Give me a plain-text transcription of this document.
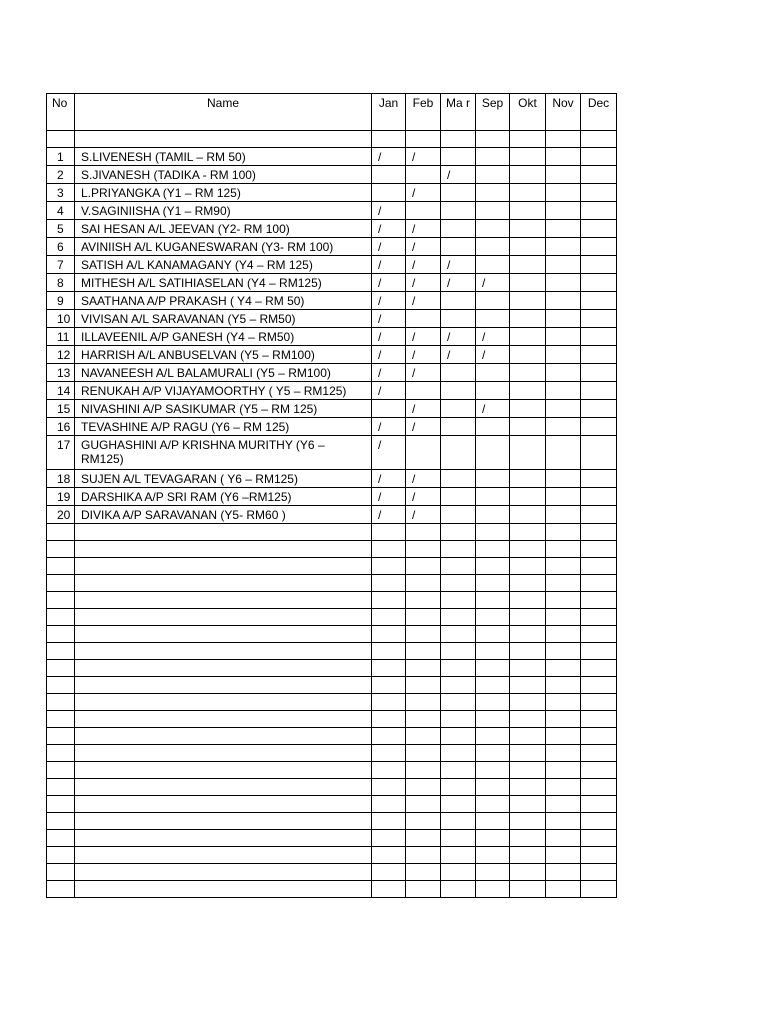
No	Name	Jan	Feb	Ma r	Sep	Okt	Nov	Dec

1	S.LIVENESH (TAMIL – RM 50)	/	/					
2	S.JIVANESH (TADIKA - RM 100)			/				
3	L.PRIYANGKA (Y1 – RM 125)		/					
4	V.SAGINIISHA (Y1 – RM90)	/						
5	SAI HESAN A/L JEEVAN (Y2- RM 100)	/	/					
6	AVINIISH A/L KUGANESWARAN (Y3- RM 100)	/	/					
7	SATISH A/L KANAMAGANY (Y4 – RM 125)	/	/	/				
8	MITHESH A/L SATIHIASELAN (Y4 – RM125)	/	/	/	/			
9	SAATHANA A/P PRAKASH ( Y4 – RM 50)	/	/					
10	VIVISAN A/L SARAVANAN (Y5 – RM50)	/						
11	ILLAVEENIL A/P GANESH (Y4 – RM50)	/	/	/	/			
12	HARRISH A/L ANBUSELVAN (Y5 – RM100)	/	/	/	/			
13	NAVANEESH A/L BALAMURALI (Y5 – RM100)	/	/					
14	RENUKAH A/P VIJAYAMOORTHY ( Y5 – RM125)	/						
15	NIVASHINI A/P SASIKUMAR (Y5 – RM 125)		/		/			
16	TEVASHINE A/P RAGU (Y6 – RM 125)	/	/					
17	GUGHASHINI A/P KRISHNA MURITHY (Y6 – RM125)	/						
18	SUJEN A/L TEVAGARAN ( Y6 – RM125)	/	/					
19	DARSHIKA A/P SRI RAM (Y6 –RM125)	/	/					
20	DIVIKA A/P SARAVANAN (Y5- RM60 )	/	/					
